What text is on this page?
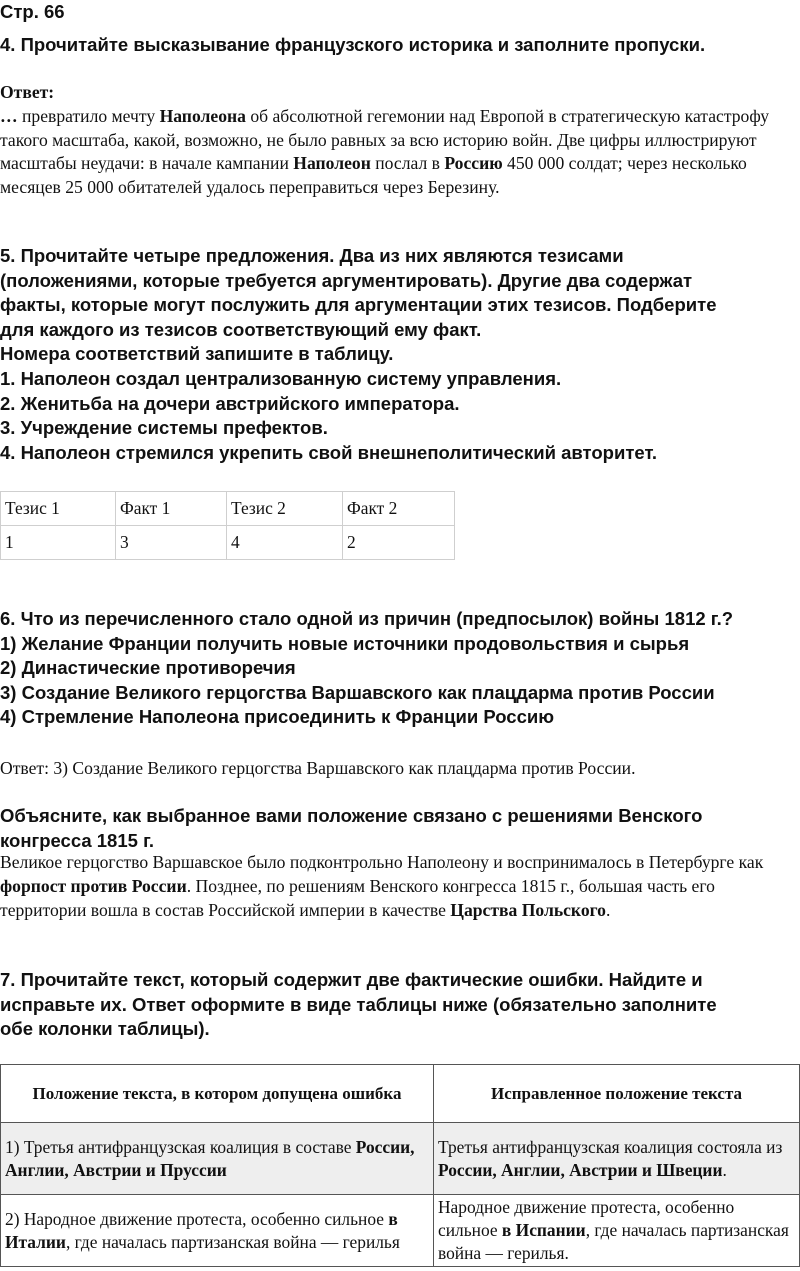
Стр. 66
4. Прочитайте высказывание французского историка и заполните пропуски.

Ответ:

… превратило мечту Наполеона об абсолютной гегемонии над Европой в стратегическую катастрофу такого масштаба, какой, возможно, не было равных за всю историю войн. Две цифры иллюстрируют масштабы неудачи: в начале кампании Наполеон послал в Россию 450 000 солдат; через несколько месяцев 25 000 обитателей удалось переправиться через Березину.

5. Прочитайте четыре предложения. Два из них являются тезисами

(положениями, которые требуется аргументировать). Другие два содержат

факты, которые могут послужить для аргументации этих тезисов. Подберите

для каждого из тезисов соответствующий ему факт.

Номера соответствий запишите в таблицу.

1. Наполеон создал централизованную систему управления.

2. Женитьба на дочери австрийского императора.

3. Учреждение системы префектов.

4. Наполеон стремился укрепить свой внешнеполитический авторитет.

Тезис 1	Факт 1	Тезис 2	Факт 2
1	3	4	2

6. Что из перечисленного стало одной из причин (предпосылок) войны 1812 г.?

1) Желание Франции получить новые источники продовольствия и сырья

2) Династические противоречия

3) Создание Великого герцогства Варшавского как плацдарма против России

4) Стремление Наполеона присоединить к Франции Россию

Ответ: 3) Создание Великого герцогства Варшавского как плацдарма против России.

Объясните, как выбранное вами положение связано с решениями Венского

конгресса 1815 г.

Великое герцогство Варшавское было подконтрольно Наполеону и воспринималось в Петербурге как форпост против России. Позднее, по решениям Венского конгресса 1815 г., большая часть его территории вошла в состав Российской империи в качестве Царства Польского.

7. Прочитайте текст, который содержит две фактические ошибки. Найдите и

исправьте их. Ответ оформите в виде таблицы ниже (обязательно заполните

обе колонки таблицы).

Положение текста, в котором допущена ошибка	Исправленное положение текста
1) Третья антифранцузская коалиция в составе России, Англии, Австрии и Пруссии	Третья антифранцузская коалиция состояла из России, Англии, Австрии и Швеции.
2) Народное движение протеста, особенно сильное в Италии, где началась партизанская война — герилья	Народное движение протеста, особенно сильное в Испании, где началась партизанская война — герилья.
